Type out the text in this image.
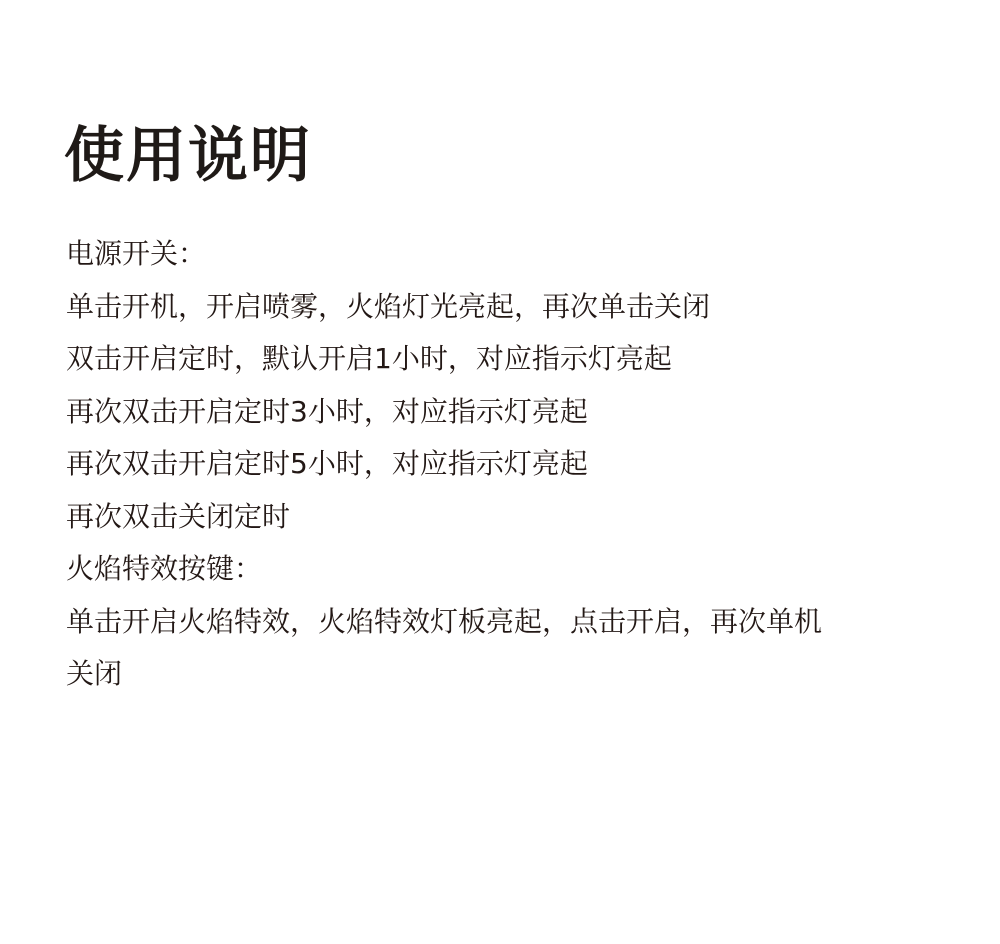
使用说明
电源开关：
单击开机，开启喷雾，火焰灯光亮起，再次单击关闭
双击开启定时，默认开启1小时，对应指示灯亮起
再次双击开启定时3小时，对应指示灯亮起
再次双击开启定时5小时，对应指示灯亮起
再次双击关闭定时
火焰特效按键：
单击开启火焰特效，火焰特效灯板亮起，点击开启，再次单机
关闭
